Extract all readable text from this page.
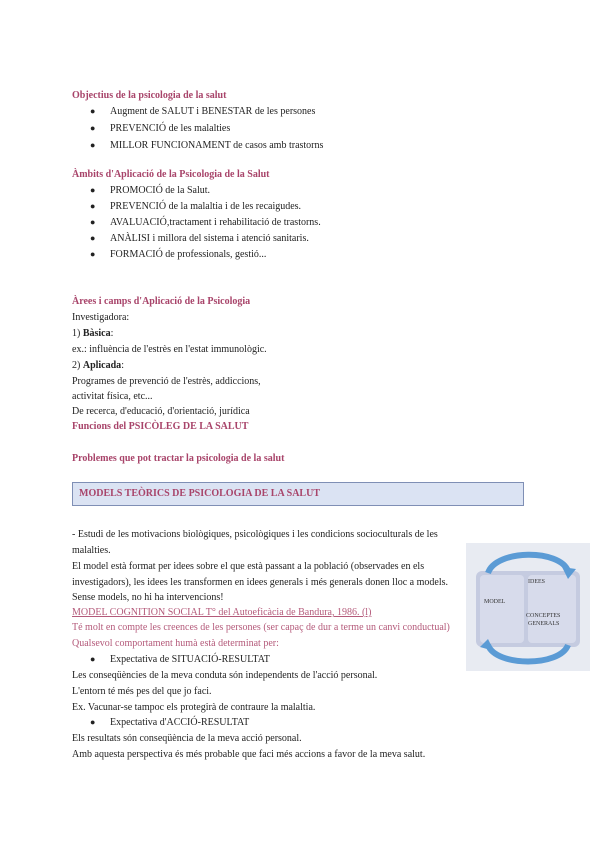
Objectius de la psicologia de la salut
● Augment de SALUT i BENESTAR de les persones
● PREVENCIÓ de les malalties
● MILLOR FUNCIONAMENT de casos amb trastorns
Àmbits d'Aplicació de la Psicologia de la Salut
● PROMOCIÓ de la Salut.
● PREVENCIÓ de la malaltia i de les recaigudes.
● AVALUACIÓ,tractament i rehabilitació de trastorns.
● ANÀLISI i millora del sistema i atenció sanitaris.
● FORMACIÓ de professionals, gestió...
Àrees i camps d'Aplicació de la Psicologia
Investigadora:
1) Bàsica:
ex.: influència de l'estrès en l'estat immunològic.
2) Aplicada:
Programes de prevenció de l'estrès, addiccions,
activitat física, etc...
De recerca, d'educació, d'orientació, jurídica
Funcions del PSICÒLEG DE LA SALUT
Problemes que pot tractar la psicologia de la salut
MODELS TEÒRICS DE PSICOLOGIA DE LA SALUT
- Estudi de les motivacions biològiques, psicològiques i les condicions socioculturals de les
malalties.
El model està format per idees sobre el que està passant a la població (observades en els
investigadors), les idees les transformen en idees generals i més generals donen lloc a models.
Sense models, no hi ha intervencions!
MODEL COGNITION SOCIAL T° del Autoeficàcia de Bandura, 1986. (l)
Té molt en compte les creences de les persones (ser capaç de dur a terme un canvi conductual)
Qualsevol comportament humà està determinat per:
● Expectativa de SITUACIÓ-RESULTAT
Les conseqüències de la meva conduta són independents de l'acció personal.
L'entorn té més pes del que jo faci.
Ex. Vacunar-se tampoc els protegirà de contraure la malaltia.
● Expectativa d'ACCIÓ-RESULTAT
Els resultats són conseqüència de la meva acció personal.
Amb aquesta perspectiva és més probable que faci més accions a favor de la meva salut.
MODEL
IDEES
CONCEPTES
GENERALS
